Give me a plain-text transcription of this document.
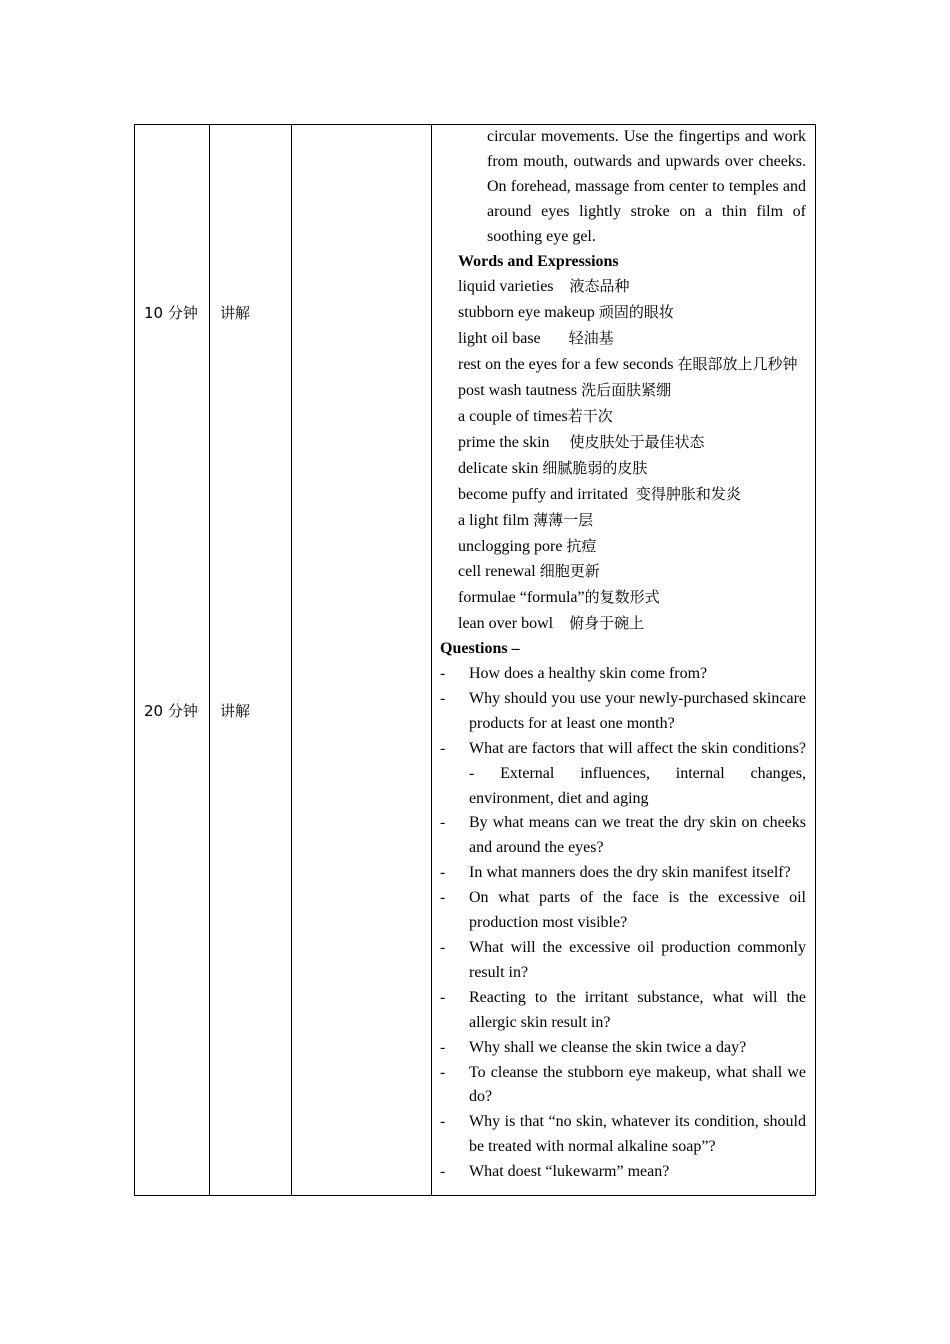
10 分钟 讲解
20 分钟 讲解
circular movements. Use the fingertips and work from mouth, outwards and upwards over cheeks. On forehead, massage from center to temples and around eyes lightly stroke on a thin film of soothing eye gel.
Words and Expressions
liquid varieties 液态品种
stubborn eye makeup 顽固的眼妆
light oil base 轻油基
rest on the eyes for a few seconds 在眼部放上几秒钟
post wash tautness 洗后面肤紧绷
a couple of times若干次
prime the skin 使皮肤处于最佳状态
delicate skin 细腻脆弱的皮肤
become puffy and irritated 变得肿胀和发炎
a light film 薄薄一层
unclogging pore 抗痘
cell renewal 细胞更新
formulae “formula”的复数形式
lean over bowl 俯身于碗上
Questions –
- How does a healthy skin come from?
- Why should you use your newly-purchased skincare products for at least one month?
- What are factors that will affect the skin conditions? - External influences, internal changes, environment, diet and aging
- By what means can we treat the dry skin on cheeks and around the eyes?
- In what manners does the dry skin manifest itself?
- On what parts of the face is the excessive oil production most visible?
- What will the excessive oil production commonly result in?
- Reacting to the irritant substance, what will the allergic skin result in?
- Why shall we cleanse the skin twice a day?
- To cleanse the stubborn eye makeup, what shall we do?
- Why is that “no skin, whatever its condition, should be treated with normal alkaline soap”?
- What doest “lukewarm” mean?
